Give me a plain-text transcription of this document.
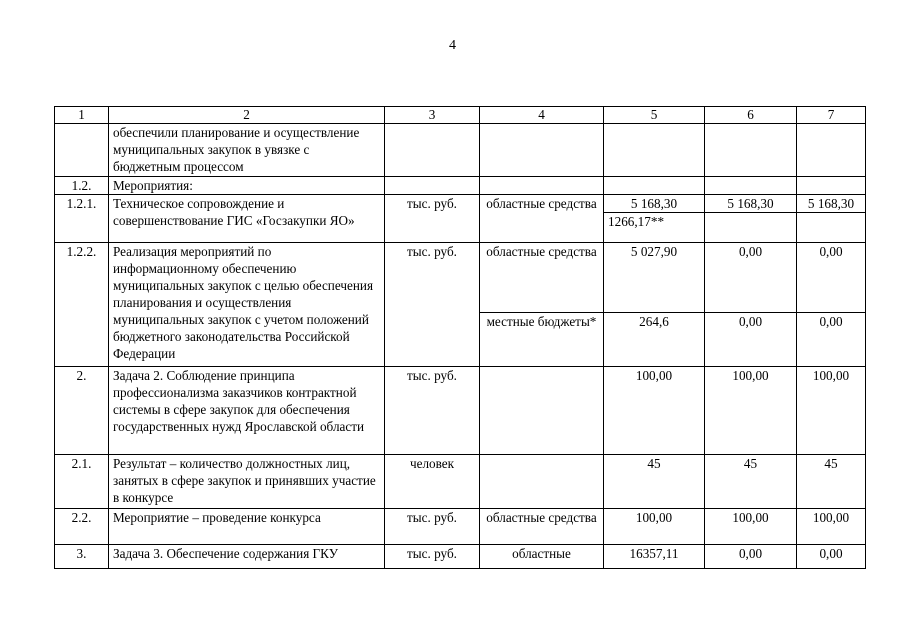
4
1	2	3	4	5	6	7
	обеспечили планирование и осуществление муниципальных закупок в увязке с бюджетным процессом					
1.2.	Мероприятия:					
1.2.1.	Техническое сопровождение и совершенствование ГИС «Госзакупки ЯО»	тыс. руб.	областные средства	5 168,30	5 168,30	5 168,30
				1266,17**		
1.2.2.	Реализация мероприятий по информационному обеспечению муниципальных закупок с целью обеспечения планирования и осуществления муниципальных закупок с учетом положений бюджетного законодательства Российской Федерации	тыс. руб.	областные средства	5 027,90	0,00	0,00
			местные бюджеты*	264,6	0,00	0,00
2.	Задача 2. Соблюдение принципа профессионализма заказчиков контрактной системы в сфере закупок для обеспечения государственных нужд Ярославской области	тыс. руб.		100,00	100,00	100,00
2.1.	Результат – количество должностных лиц, занятых в сфере закупок и принявших участие в конкурсе	человек		45	45	45
2.2.	Мероприятие – проведение конкурса	тыс. руб.	областные средства	100,00	100,00	100,00
3.	Задача 3. Обеспечение содержания ГКУ	тыс. руб.	областные	16357,11	0,00	0,00
